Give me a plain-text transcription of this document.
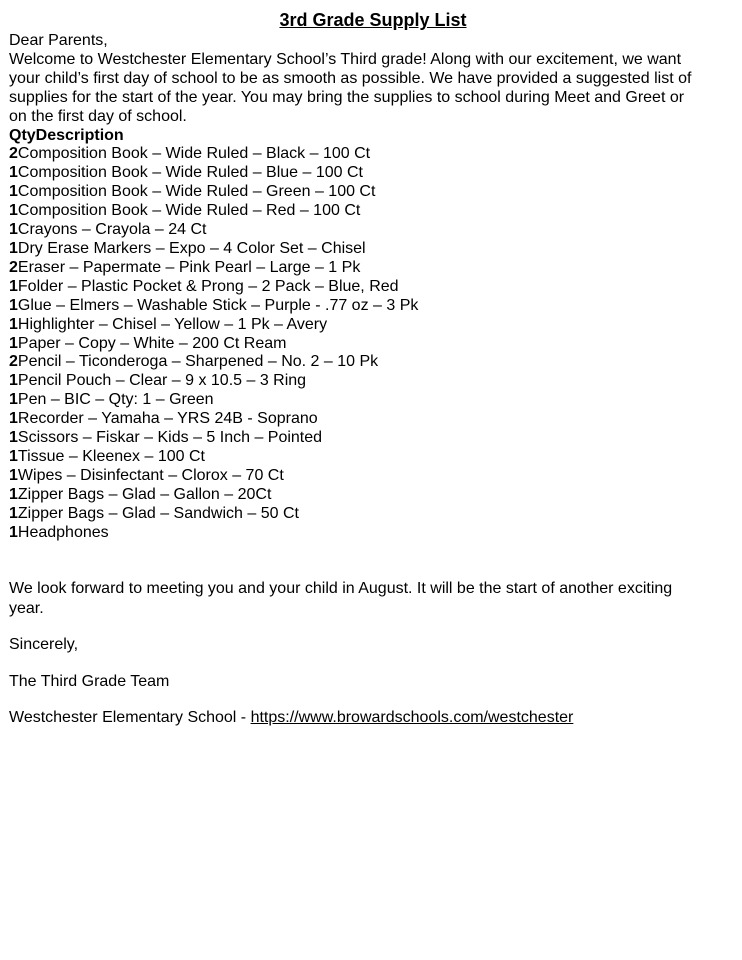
3rd Grade Supply List
Dear Parents,
Welcome to Westchester Elementary School’s Third grade! Along with our excitement, we want
your child’s first day of school to be as smooth as possible. We have provided a suggested list of
supplies for the start of the year. You may bring the supplies to school during Meet and Greet or
on the first day of school.
QtyDescription
2Composition Book – Wide Ruled – Black – 100 Ct
1Composition Book – Wide Ruled – Blue – 100 Ct
1Composition Book – Wide Ruled – Green – 100 Ct
1Composition Book – Wide Ruled – Red – 100 Ct
1Crayons – Crayola – 24 Ct
1Dry Erase Markers – Expo – 4 Color Set – Chisel
2Eraser – Papermate – Pink Pearl – Large – 1 Pk
1Folder – Plastic Pocket & Prong – 2 Pack – Blue, Red
1Glue – Elmers – Washable Stick – Purple - .77 oz – 3 Pk
1Highlighter – Chisel – Yellow – 1 Pk – Avery
1Paper – Copy – White – 200 Ct Ream
2Pencil – Ticonderoga – Sharpened – No. 2 – 10 Pk
1Pencil Pouch – Clear – 9 x 10.5 – 3 Ring
1Pen – BIC – Qty: 1 – Green
1Recorder – Yamaha – YRS 24B - Soprano
1Scissors – Fiskar – Kids – 5 Inch – Pointed
1Tissue – Kleenex – 100 Ct
1Wipes – Disinfectant – Clorox – 70 Ct
1Zipper Bags – Glad – Gallon – 20Ct
1Zipper Bags – Glad – Sandwich – 50 Ct
1Headphones
We look forward to meeting you and your child in August. It will be the start of another exciting
year.
Sincerely,
The Third Grade Team
Westchester Elementary School - https://www.browardschools.com/westchester
